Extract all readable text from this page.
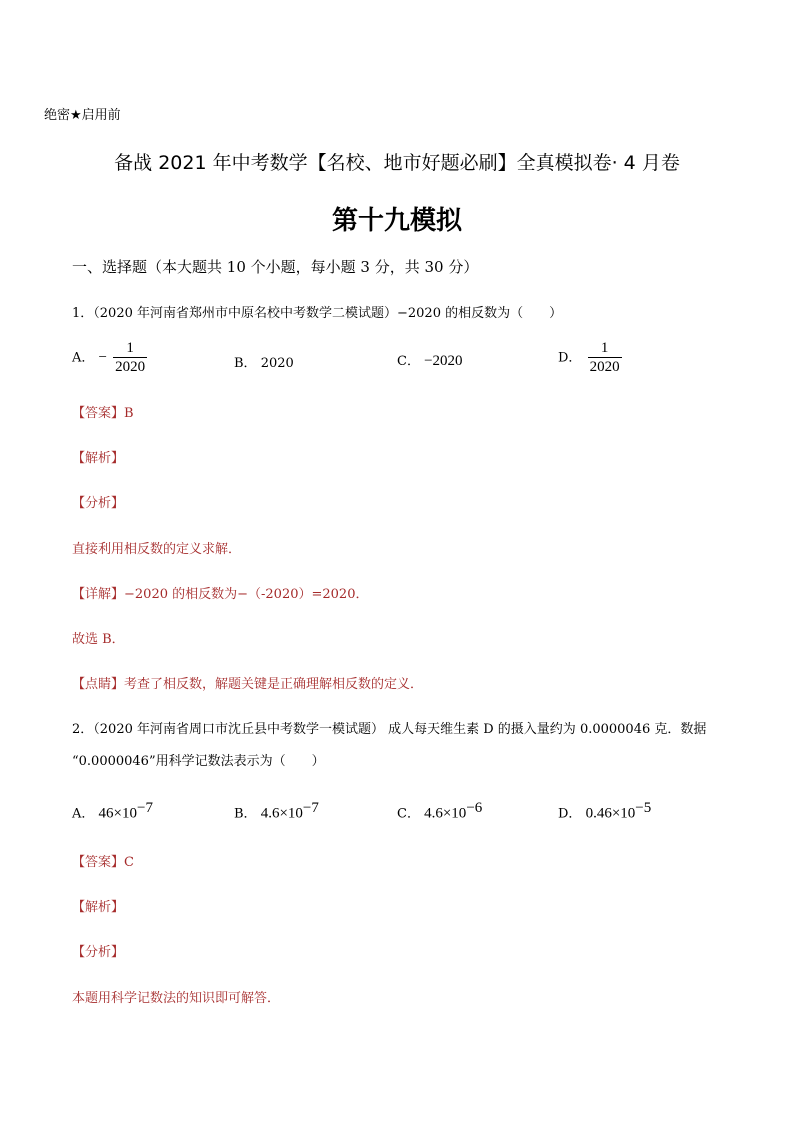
绝密★启用前
备战 2021 年中考数学【名校、地市好题必刷】全真模拟卷· 4 月卷
第十九模拟
一、选择题（本大题共 10 个小题，每小题 3 分，共 30 分）
1．（2020 年河南省郑州市中原名校中考数学二模试题）−2020 的相反数为（　　）
A． − $\frac{1}{2020}$	B． 2020	C． −2020	D． $\frac{1}{2020}$
【答案】B
【解析】
【分析】
直接利用相反数的定义求解．
【详解】−2020 的相反数为−（-2020）=2020．
故选 B．
【点睛】考查了相反数，解题关键是正确理解相反数的定义．
2．（2020 年河南省周口市沈丘县中考数学一模试题） 成人每天维生素 D 的摄入量约为 0.0000046 克．数据
“0.0000046”用科学记数法表示为（　　）
A． $46\times 10^{-7}$	B． $4.6\times 10^{-7}$	C． $4.6\times 10^{-6}$	D． $0.46\times 10^{-5}$
【答案】C
【解析】
【分析】
本题用科学记数法的知识即可解答．
